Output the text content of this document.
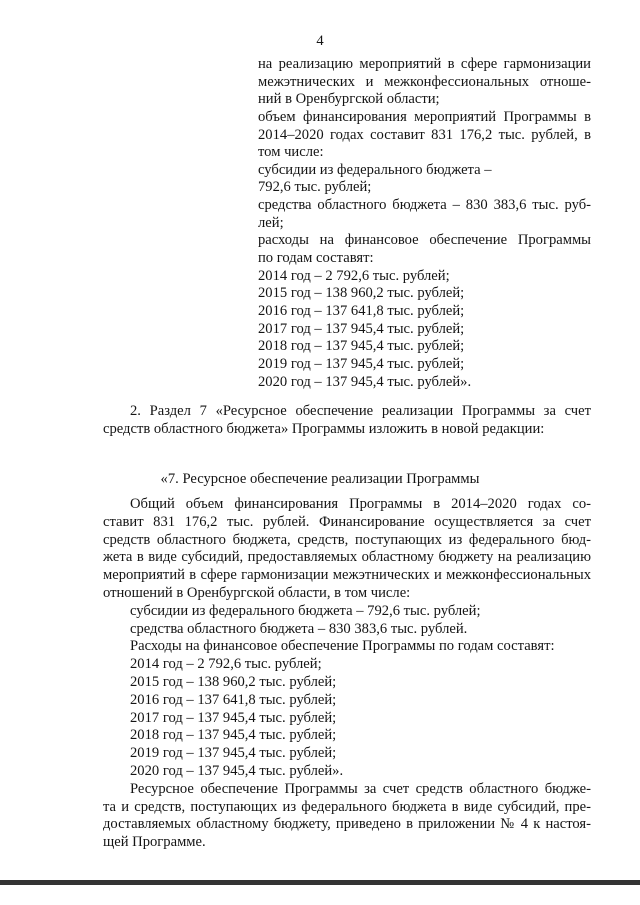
4
на реализацию мероприятий в сфере гармонизации
межэтнических и межконфессиональных отноше-
ний в Оренбургской области;
объем финансирования мероприятий Программы в
2014–2020 годах составит 831 176,2 тыс. рублей, в
том числе:
субсидии из федерального бюджета –
792,6 тыс. рублей;
средства областного бюджета – 830 383,6 тыс. руб-
лей;
расходы на финансовое обеспечение Программы
по годам составят:
2014 год – 2 792,6 тыс. рублей;
2015 год – 138 960,2 тыс. рублей;
2016 год – 137 641,8 тыс. рублей;
2017 год – 137 945,4 тыс. рублей;
2018 год – 137 945,4 тыс. рублей;
2019 год – 137 945,4 тыс. рублей;
2020 год – 137 945,4 тыс. рублей».
2. Раздел 7 «Ресурсное обеспечение реализации Программы за счет
средств областного бюджета» Программы изложить в новой редакции:
«7. Ресурсное обеспечение реализации Программы
Общий объем финансирования Программы в 2014–2020 годах со-
ставит 831 176,2 тыс. рублей. Финансирование осуществляется за счет
средств областного бюджета, средств, поступающих из федерального бюд-
жета в виде субсидий, предоставляемых областному бюджету на реализацию
мероприятий в сфере гармонизации межэтнических и межконфессиональных
отношений в Оренбургской области, в том числе:
субсидии из федерального бюджета – 792,6 тыс. рублей;
средства областного бюджета – 830 383,6 тыс. рублей.
Расходы на финансовое обеспечение Программы по годам составят:
2014 год – 2 792,6 тыс. рублей;
2015 год – 138 960,2 тыс. рублей;
2016 год – 137 641,8 тыс. рублей;
2017 год – 137 945,4 тыс. рублей;
2018 год – 137 945,4 тыс. рублей;
2019 год – 137 945,4 тыс. рублей;
2020 год – 137 945,4 тыс. рублей».
Ресурсное обеспечение Программы за счет средств областного бюдже-
та и средств, поступающих из федерального бюджета в виде субсидий, пре-
доставляемых областному бюджету, приведено в приложении № 4 к настоя-
щей Программе.
